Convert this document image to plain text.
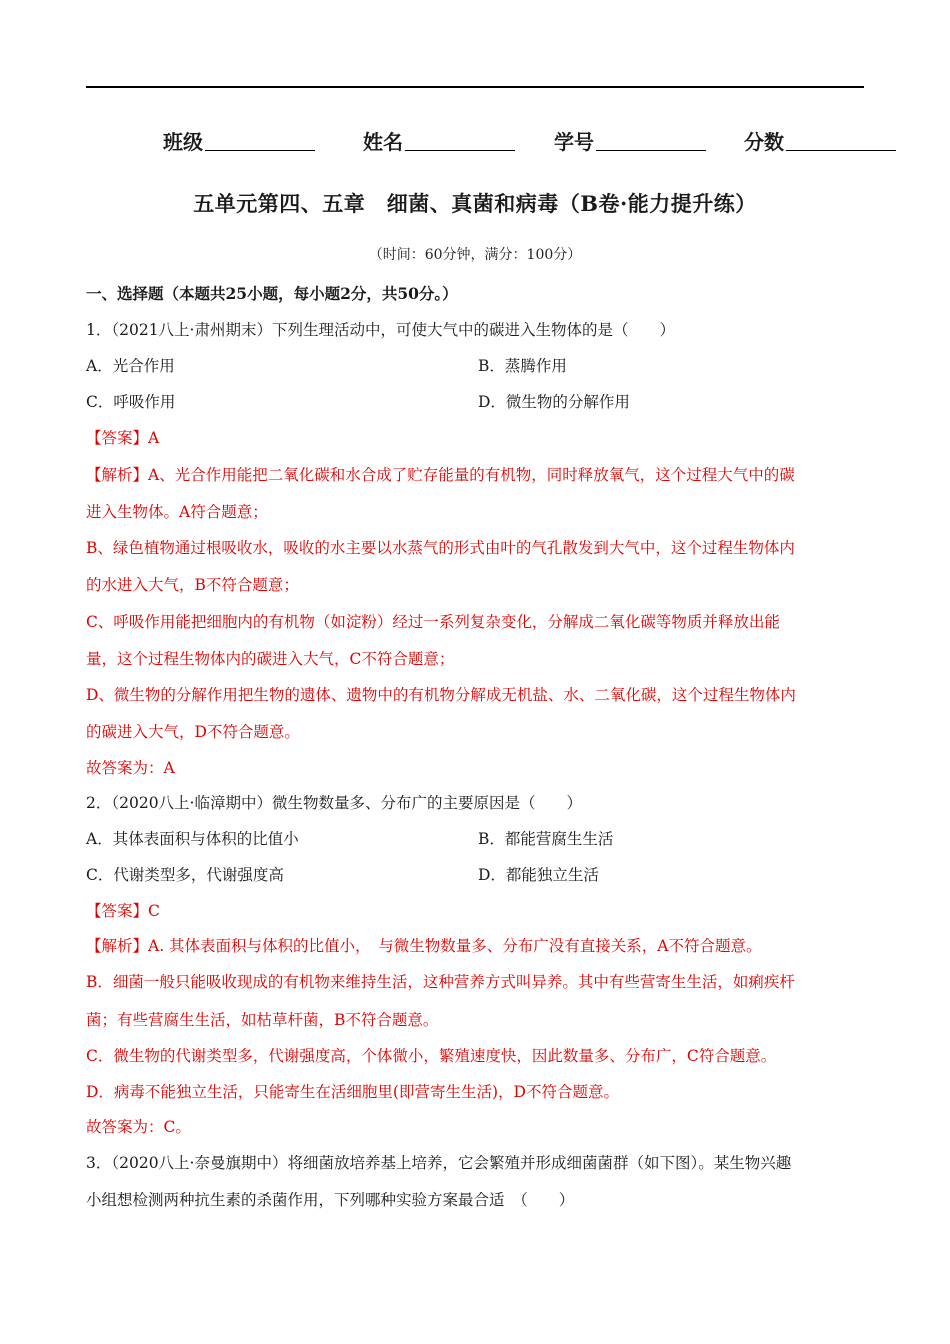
班级	姓名	学号	分数
五单元第四、五章　细菌、真菌和病毒（B卷·能力提升练）
（时间：60分钟，满分：100分）
一、选择题（本题共25小题，每小题2分，共50分。）
1．（2021八上·肃州期末）下列生理活动中，可使大气中的碳进入生物体的是（　　）
A．光合作用	B．蒸腾作用
C．呼吸作用	D．微生物的分解作用
【答案】A
【解析】A、光合作用能把二氧化碳和水合成了贮存能量的有机物，同时释放氧气，这个过程大气中的碳
进入生物体。A符合题意；
B、绿色植物通过根吸收水，吸收的水主要以水蒸气的形式由叶的气孔散发到大气中，这个过程生物体内
的水进入大气，B不符合题意；
C、呼吸作用能把细胞内的有机物（如淀粉）经过一系列复杂变化，分解成二氧化碳等物质并释放出能
量，这个过程生物体内的碳进入大气，C不符合题意；
D、微生物的分解作用把生物的遗体、遗物中的有机物分解成无机盐、水、二氧化碳，这个过程生物体内
的碳进入大气，D不符合题意。
故答案为：A
2．（2020八上·临漳期中）微生物数量多、分布广的主要原因是（　　）
A．其体表面积与体积的比值小	B．都能营腐生生活
C．代谢类型多，代谢强度高	D．都能独立生活
【答案】C
【解析】A. 其体表面积与体积的比值小，　与微生物数量多、分布广没有直接关系，A不符合题意。
B．细菌一般只能吸收现成的有机物来维持生活，这种营养方式叫异养。其中有些营寄生生活，如痢疾杆
菌；有些营腐生生活，如枯草杆菌，B不符合题意。
C．微生物的代谢类型多，代谢强度高，个体微小，繁殖速度快，因此数量多、分布广，C符合题意。
D．病毒不能独立生活，只能寄生在活细胞里(即营寄生生活)，D不符合题意。
故答案为：C。
3．（2020八上·奈曼旗期中）将细菌放培养基上培养，它会繁殖并形成细菌菌群（如下图）。某生物兴趣
小组想检测两种抗生素的杀菌作用，下列哪种实验方案最合适　（　　）
